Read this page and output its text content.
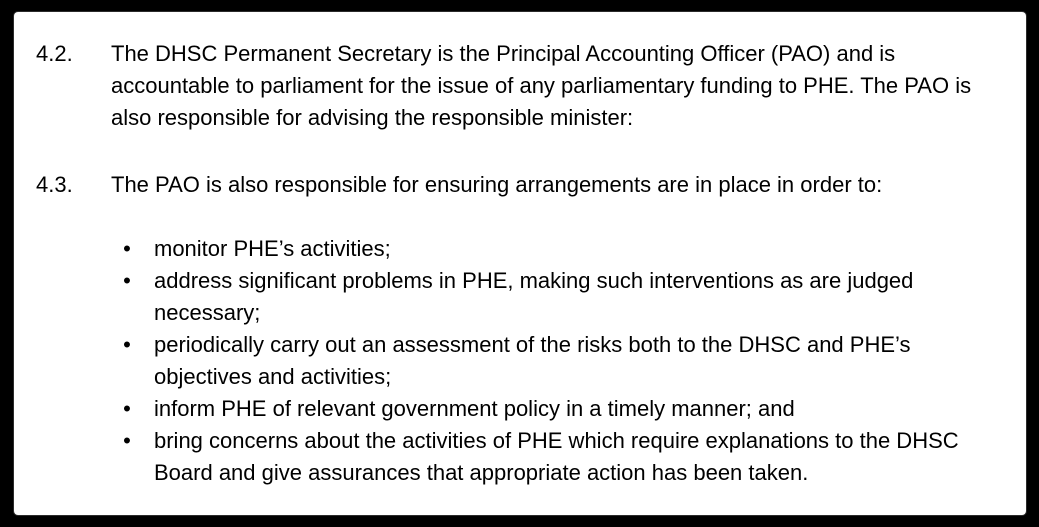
4.2. The DHSC Permanent Secretary is the Principal Accounting Officer (PAO) and is accountable to parliament for the issue of any parliamentary funding to PHE. The PAO is also responsible for advising the responsible minister:
4.3. The PAO is also responsible for ensuring arrangements are in place in order to:
• monitor PHE’s activities;
• address significant problems in PHE, making such interventions as are judged necessary;
• periodically carry out an assessment of the risks both to the DHSC and PHE’s objectives and activities;
• inform PHE of relevant government policy in a timely manner; and
• bring concerns about the activities of PHE which require explanations to the DHSC Board and give assurances that appropriate action has been taken.
